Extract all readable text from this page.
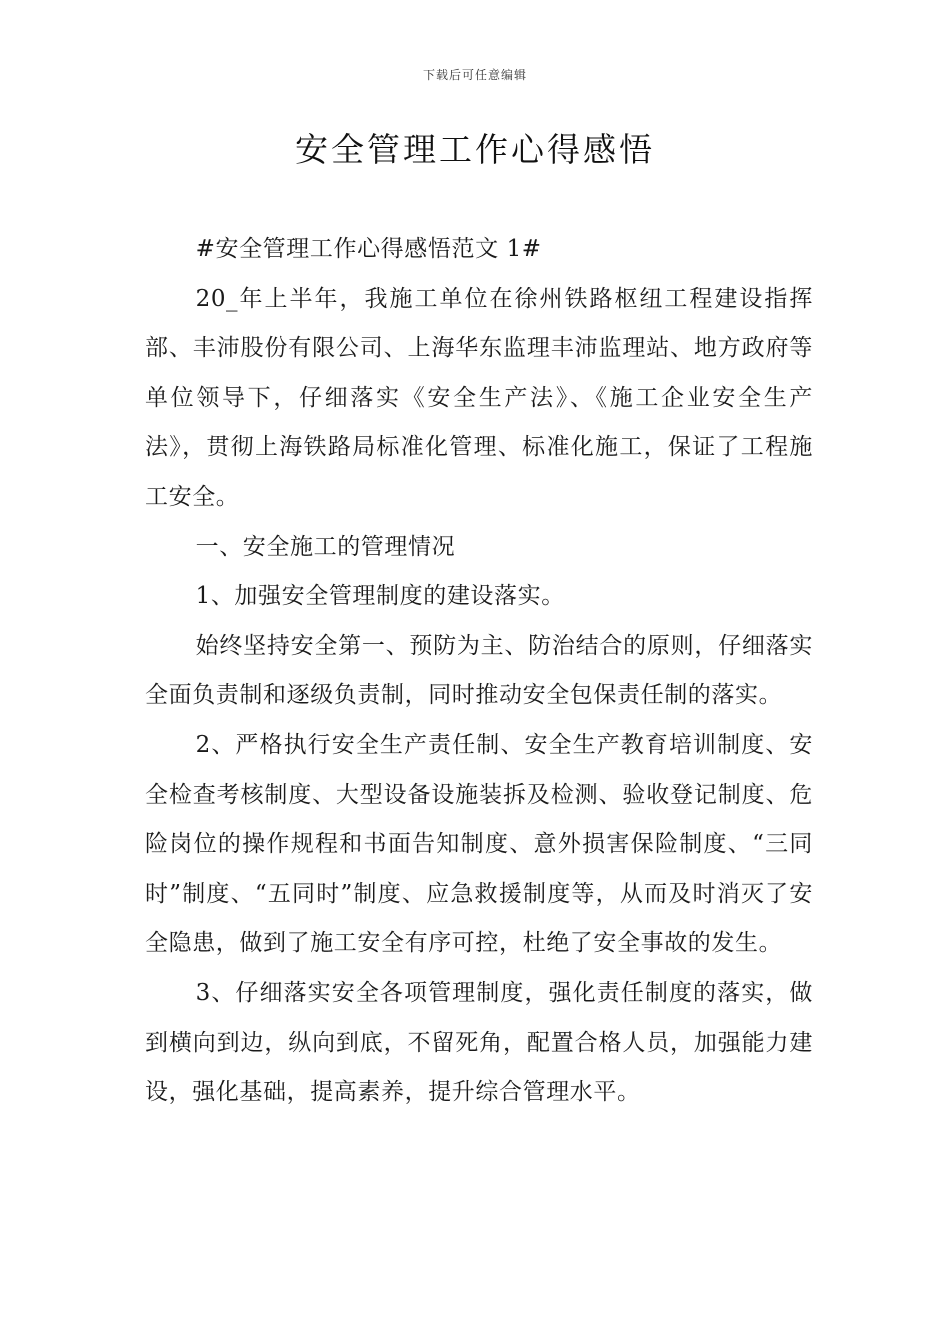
下载后可任意编辑
安全管理工作心得感悟

#安全管理工作心得感悟范文 1#

20_年上半年，我施工单位在徐州铁路枢纽工程建设指挥部、丰沛股份有限公司、上海华东监理丰沛监理站、地方政府等单位领导下，仔细落实《安全生产法》、《施工企业安全生产法》，贯彻上海铁路局标准化管理、标准化施工，保证了工程施工安全。

一、安全施工的管理情况

1、加强安全管理制度的建设落实。

始终坚持安全第一、预防为主、防治结合的原则，仔细落实全面负责制和逐级负责制，同时推动安全包保责任制的落实。

2、严格执行安全生产责任制、安全生产教育培训制度、安全检查考核制度、大型设备设施装拆及检测、验收登记制度、危险岗位的操作规程和书面告知制度、意外损害保险制度、“三同时”制度、“五同时”制度、应急救援制度等，从而及时消灭了安全隐患，做到了施工安全有序可控，杜绝了安全事故的发生。

3、仔细落实安全各项管理制度，强化责任制度的落实，做到横向到边，纵向到底，不留死角，配置合格人员，加强能力建设，强化基础，提高素养，提升综合管理水平。
